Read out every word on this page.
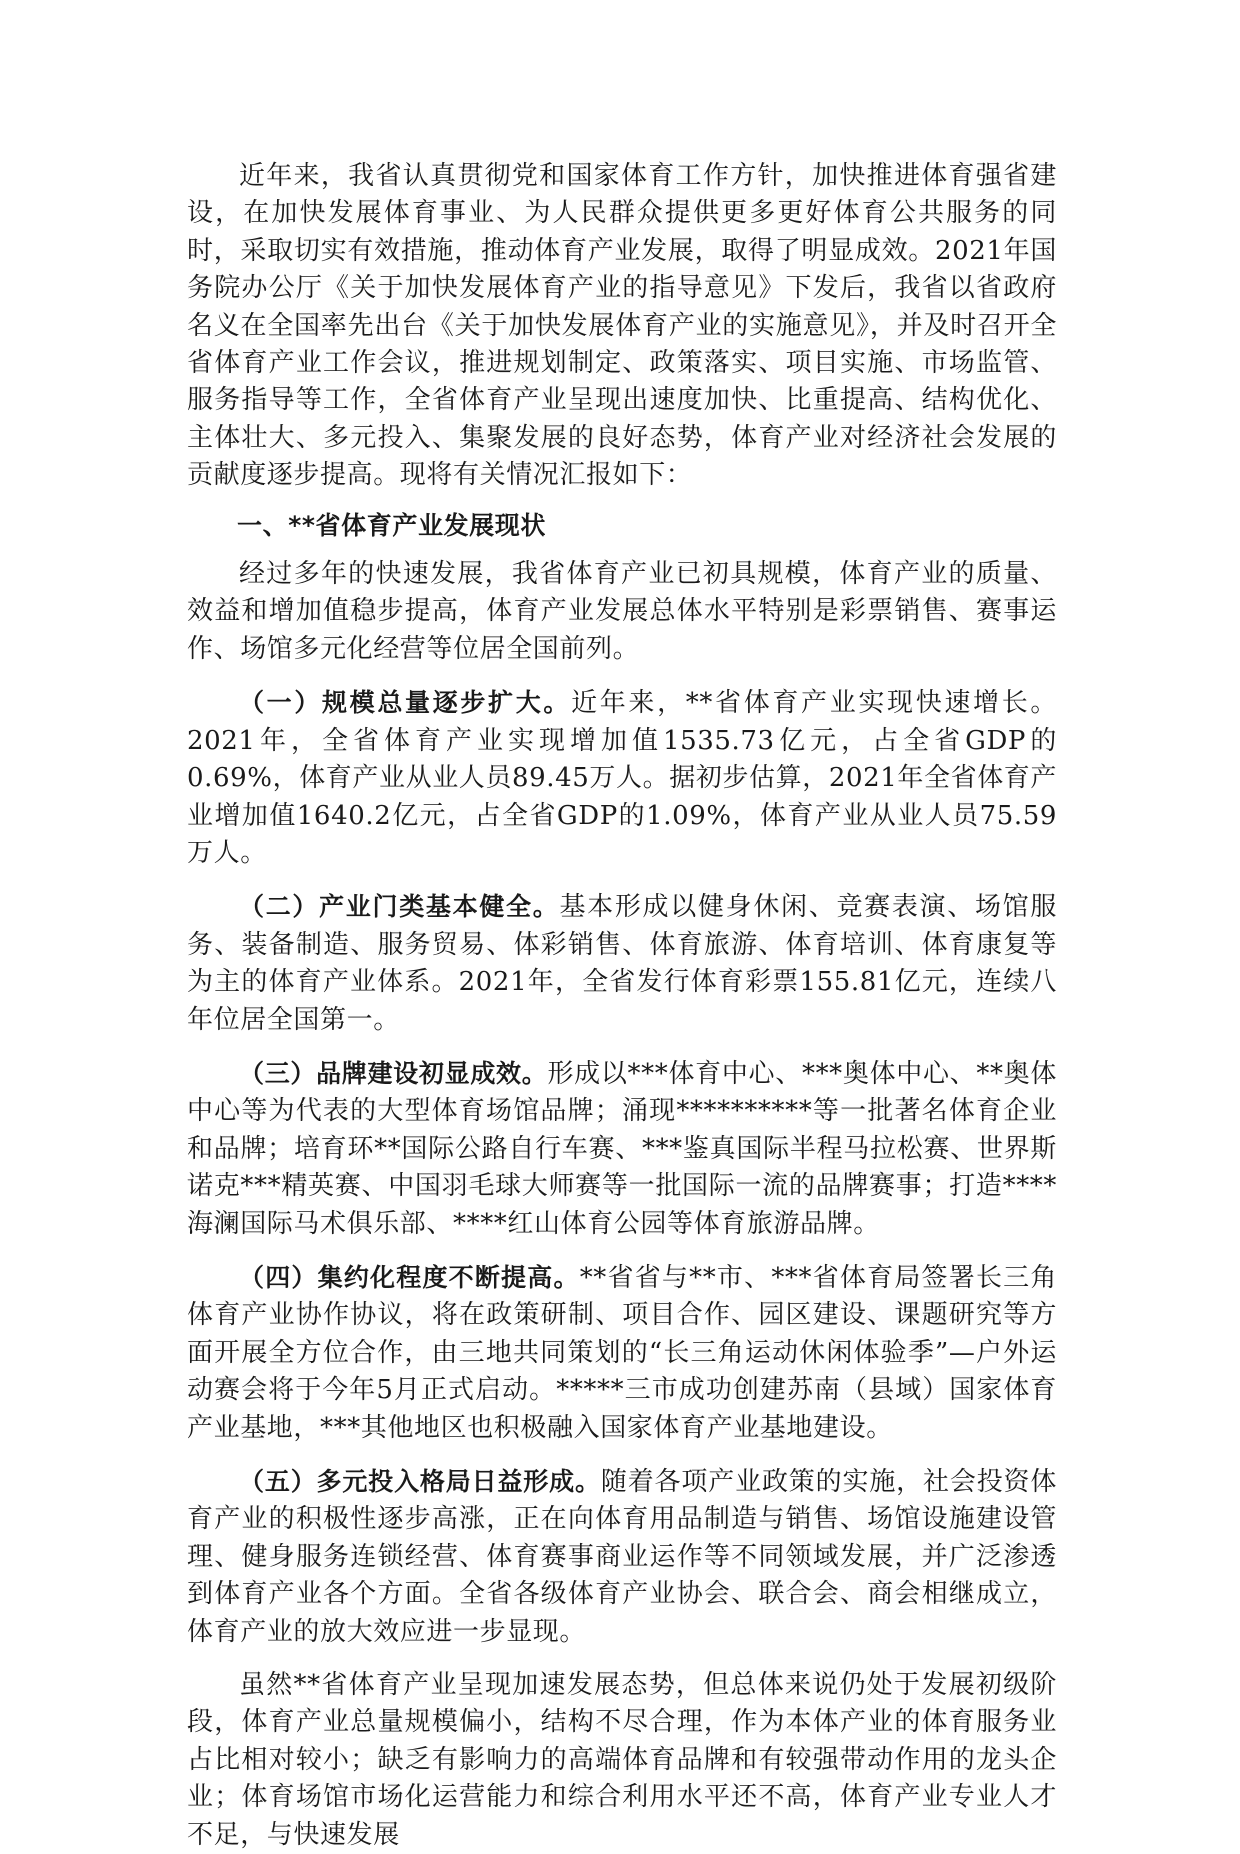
近年来，我省认真贯彻党和国家体育工作方针，加快推进体育强省建设，在加快发展体育事业、为人民群众提供更多更好体育公共服务的同时，采取切实有效措施，推动体育产业发展，取得了明显成效。2021年国务院办公厅《关于加快发展体育产业的指导意见》下发后，我省以省政府名义在全国率先出台《关于加快发展体育产业的实施意见》，并及时召开全省体育产业工作会议，推进规划制定、政策落实、项目实施、市场监管、服务指导等工作，全省体育产业呈现出速度加快、比重提高、结构优化、主体壮大、多元投入、集聚发展的良好态势，体育产业对经济社会发展的贡献度逐步提高。现将有关情况汇报如下：

一、**省体育产业发展现状

经过多年的快速发展，我省体育产业已初具规模，体育产业的质量、效益和增加值稳步提高，体育产业发展总体水平特别是彩票销售、赛事运作、场馆多元化经营等位居全国前列。

（一）规模总量逐步扩大。近年来，**省体育产业实现快速增长。2021年，全省体育产业实现增加值1535.73亿元，占全省GDP的0.69%，体育产业从业人员89.45万人。据初步估算，2021年全省体育产业增加值1640.2亿元，占全省GDP的1.09%，体育产业从业人员75.59万人。

（二）产业门类基本健全。基本形成以健身休闲、竞赛表演、场馆服务、装备制造、服务贸易、体彩销售、体育旅游、体育培训、体育康复等为主的体育产业体系。2021年，全省发行体育彩票155.81亿元，连续八年位居全国第一。

（三）品牌建设初显成效。形成以***体育中心、***奥体中心、**奥体中心等为代表的大型体育场馆品牌；涌现**********等一批著名体育企业和品牌；培育环**国际公路自行车赛、***鉴真国际半程马拉松赛、世界斯诺克***精英赛、中国羽毛球大师赛等一批国际一流的品牌赛事；打造****海澜国际马术俱乐部、****红山体育公园等体育旅游品牌。

（四）集约化程度不断提高。**省省与**市、***省体育局签署长三角体育产业协作协议，将在政策研制、项目合作、园区建设、课题研究等方面开展全方位合作，由三地共同策划的“长三角运动休闲体验季”—户外运动赛会将于今年5月正式启动。*****三市成功创建苏南（县域）国家体育产业基地，***其他地区也积极融入国家体育产业基地建设。

（五）多元投入格局日益形成。随着各项产业政策的实施，社会投资体育产业的积极性逐步高涨，正在向体育用品制造与销售、场馆设施建设管理、健身服务连锁经营、体育赛事商业运作等不同领域发展，并广泛渗透到体育产业各个方面。全省各级体育产业协会、联合会、商会相继成立，体育产业的放大效应进一步显现。

虽然**省体育产业呈现加速发展态势，但总体来说仍处于发展初级阶段，体育产业总量规模偏小，结构不尽合理，作为本体产业的体育服务业占比相对较小；缺乏有影响力的高端体育品牌和有较强带动作用的龙头企业；体育场馆市场化运营能力和综合利用水平还不高，体育产业专业人才不足，与快速发展
